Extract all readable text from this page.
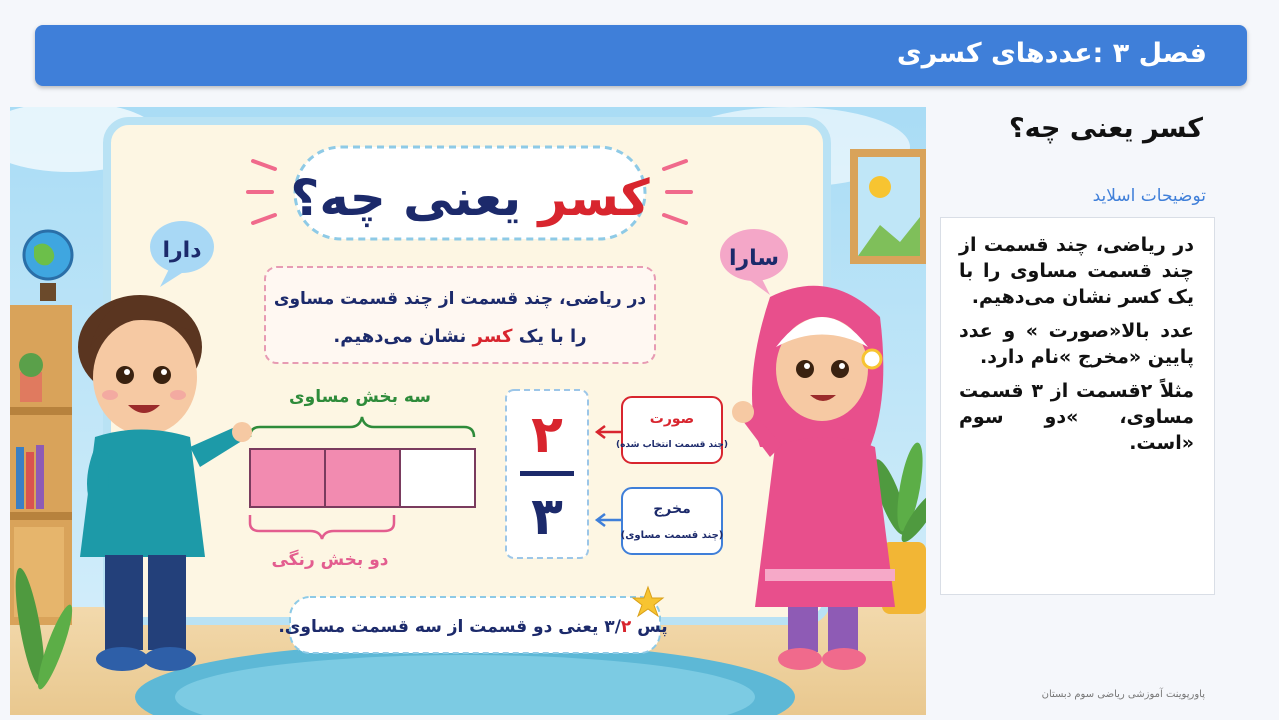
فصل ۳ :عددهای کسری
کسر یعنی چه؟
دارا	سارا
در ریاضی، چند قسمت از چند قسمت مساوی
را با یک کسر نشان می‌دهیم.
سه بخش مساوی
دو بخش رنگی
۲
۳
صورت
(چند قسمت انتخاب شده)
مخرج
(چند قسمت مساوی)
پس ۳/۲ یعنی دو قسمت از سه قسمت مساوی.
کسر یعنی چه؟
توضیحات اسلاید

در ریاضی، چند قسمت از چند قسمت مساوی را با یک کسر نشان می‌دهیم.

عدد بالا«صورت » و عدد پایین «مخرج »نام دارد.

مثلاً ۲قسمت از ۳ قسمت مساوی، »دو سوم «است.

پاورپوینت آموزشی ریاضی سوم دبستان
